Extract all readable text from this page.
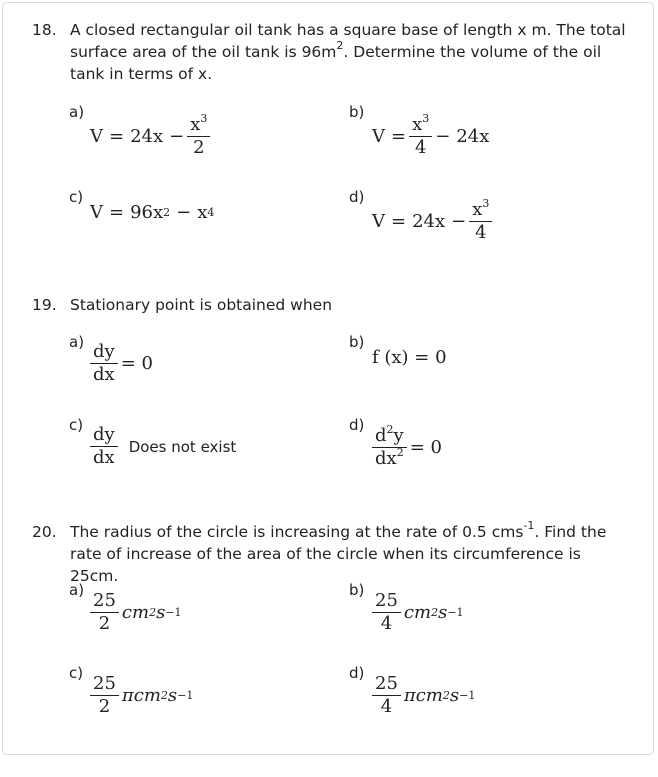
18. A closed rectangular oil tank has a square base of length x m. The total surface area of the oil tank is $96m^2$. Determine the volume of the oil tank in terms of x.
a)
$V = 24x - \frac{x^3}{2}$
b)
$V = \frac{x^3}{4} - 24x$
c)
V = 96x 2 − x 4
d)
$V = 24x - \frac{x^3}{4}$
19. Stationary point is obtained when
$a) \frac{dy}{dx} = 0$
b)
f (x) = 0
$c) \frac{dy}{dx}$ Does not exist
d)
$\frac{d^2y}{dx^2} = 0$
20. The radius of the circle is increasing at the rate of 0.5 cms$^{-1}$. Find the rate of increase of the area of the circle when its circumference is 25cm.
a)
$\frac{25}{2}$ cm 2 s −1
b)
$\frac{25}{4}$ cm 2 s −1
c)
$\frac{25}{2}$ π cm 2 s −1
d)
$\frac{25}{4}$ π cm 2 s −1
